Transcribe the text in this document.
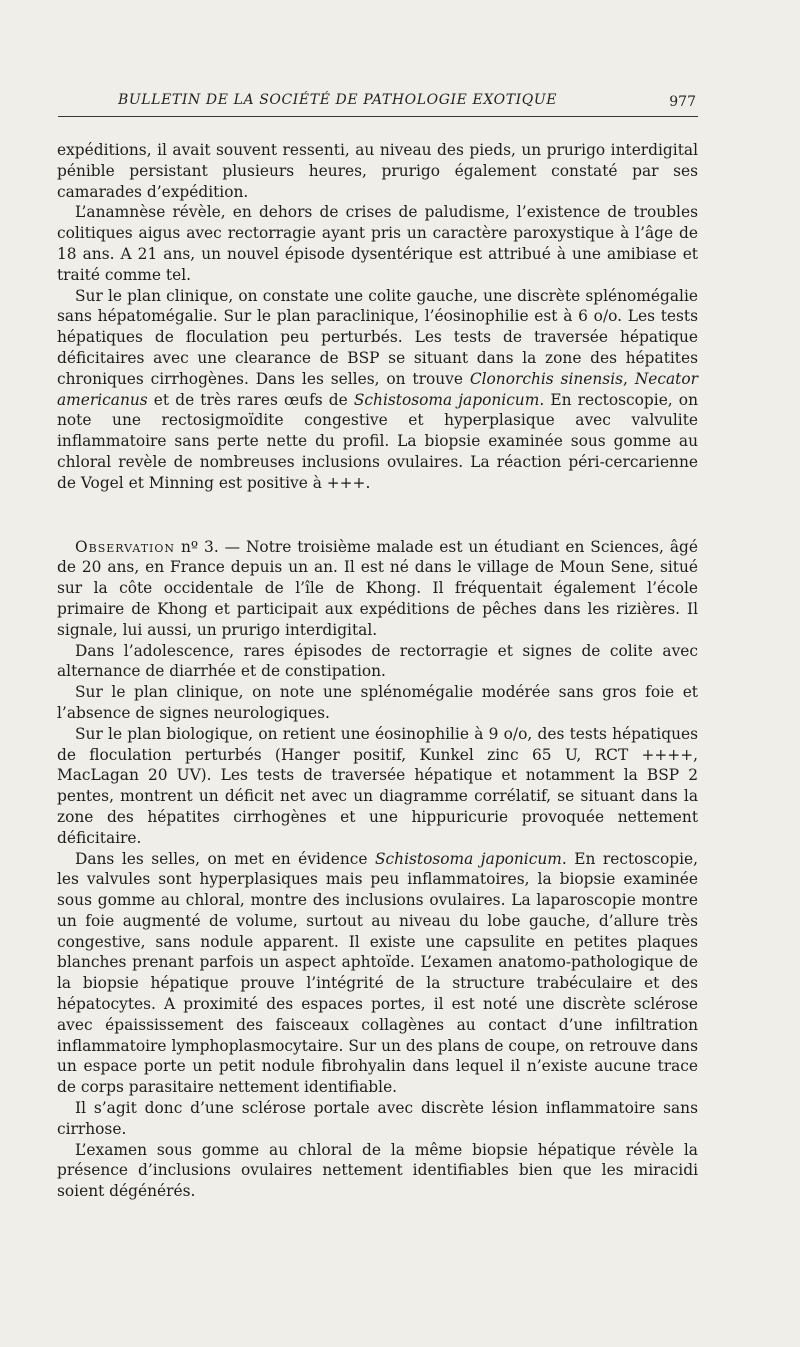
BULLETIN DE LA SOCIÉTÉ DE PATHOLOGIE EXOTIQUE	977

expéditions, il avait souvent ressenti, au niveau des pieds, un prurigo interdigital pénible persistant plusieurs heures, prurigo également constaté par ses camarades d’expédition.

L’anamnèse révèle, en dehors de crises de paludisme, l’existence de troubles colitiques aigus avec rectorragie ayant pris un caractère paroxystique à l’âge de 18 ans. A 21 ans, un nouvel épisode dysentérique est attribué à une amibiase et traité comme tel.

Sur le plan clinique, on constate une colite gauche, une discrète splénomégalie sans hépatomégalie. Sur le plan paraclinique, l’éosinophilie est à 6 o/o. Les tests hépatiques de floculation peu perturbés. Les tests de traversée hépatique déficitaires avec une clearance de BSP se situant dans la zone des hépatites chroniques cirrhogènes. Dans les selles, on trouve Clonorchis sinensis, Necator americanus et de très rares œufs de Schistosoma japonicum. En rectoscopie, on note une rectosigmoïdite congestive et hyperplasique avec valvulite inflammatoire sans perte nette du profil. La biopsie examinée sous gomme au chloral revèle de nombreuses inclusions ovulaires. La réaction péri-cercarienne de Vogel et Minning est positive à +++.

Observation nº 3. — Notre troisième malade est un étudiant en Sciences, âgé de 20 ans, en France depuis un an. Il est né dans le village de Moun Sene, situé sur la côte occidentale de l’île de Khong. Il fréquentait également l’école primaire de Khong et participait aux expéditions de pêches dans les rizières. Il signale, lui aussi, un prurigo interdigital.

Dans l’adolescence, rares épisodes de rectorragie et signes de colite avec alternance de diarrhée et de constipation.

Sur le plan clinique, on note une splénomégalie modérée sans gros foie et l’absence de signes neurologiques.

Sur le plan biologique, on retient une éosinophilie à 9 o/o, des tests hépatiques de floculation perturbés (Hanger positif, Kunkel zinc 65 U, RCT ++++, MacLagan 20 UV). Les tests de traversée hépatique et notamment la BSP 2 pentes, montrent un déficit net avec un diagramme corrélatif, se situant dans la zone des hépatites cirrhogènes et une hippuricurie provoquée nettement déficitaire.

Dans les selles, on met en évidence Schistosoma japonicum. En rectoscopie, les valvules sont hyperplasiques mais peu inflammatoires, la biopsie examinée sous gomme au chloral, montre des inclusions ovulaires. La laparoscopie montre un foie augmenté de volume, surtout au niveau du lobe gauche, d’allure très congestive, sans nodule apparent. Il existe une capsulite en petites plaques blanches prenant parfois un aspect aphtoïde. L’examen anatomo-pathologique de la biopsie hépatique prouve l’intégrité de la structure trabéculaire et des hépatocytes. A proximité des espaces portes, il est noté une discrète sclérose avec épaississement des faisceaux collagènes au contact d’une infiltration inflammatoire lymphoplasmocytaire. Sur un des plans de coupe, on retrouve dans un espace porte un petit nodule fibrohyalin dans lequel il n’existe aucune trace de corps parasitaire nettement identifiable.

Il s’agit donc d’une sclérose portale avec discrète lésion inflammatoire sans cirrhose.

L’examen sous gomme au chloral de la même biopsie hépatique révèle la présence d’inclusions ovulaires nettement identifiables bien que les miracidi soient dégénérés.
